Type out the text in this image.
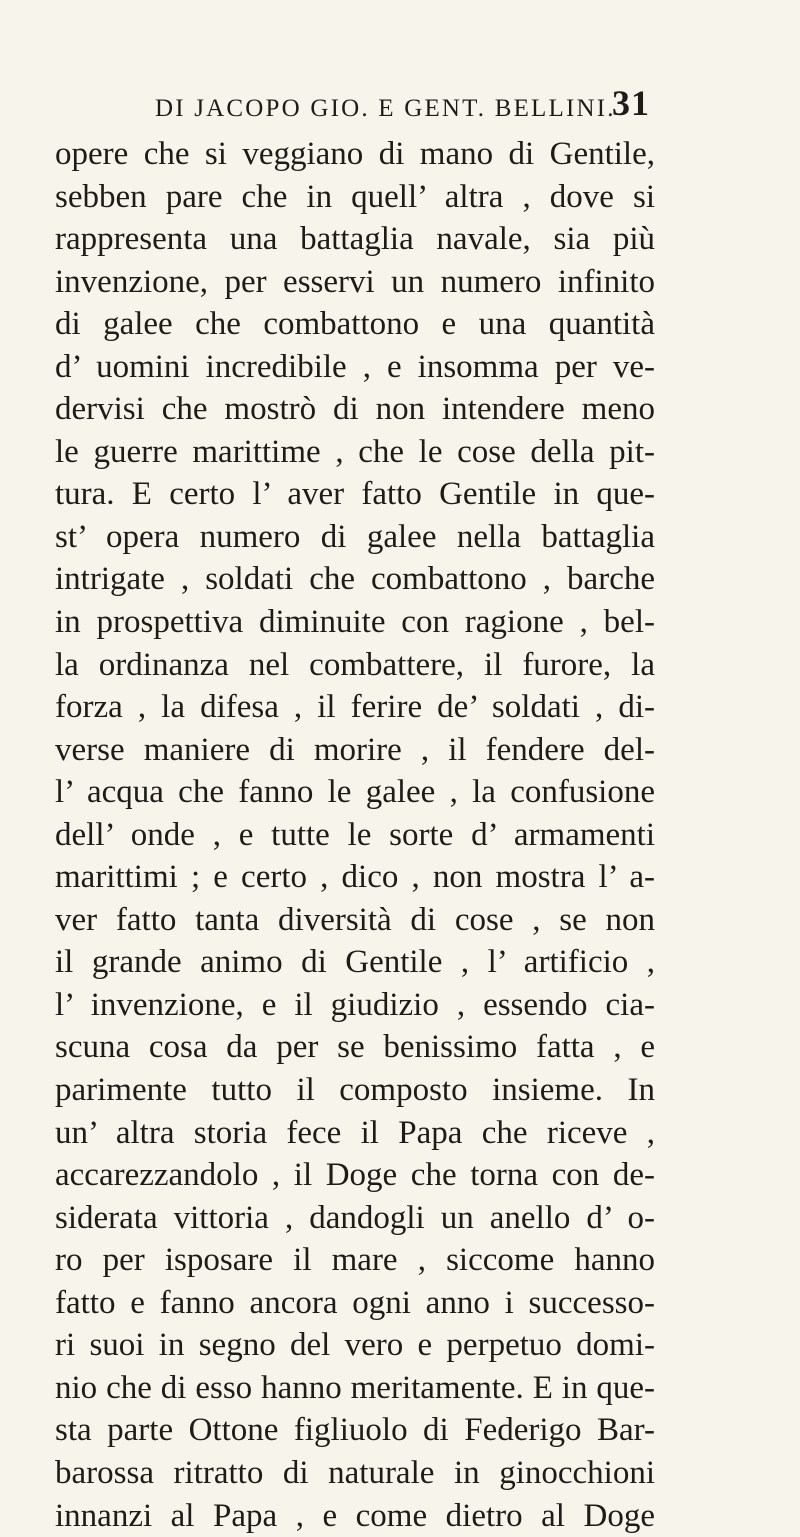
DI JACOPO GIO. E GENT. BELLINI.
31
opere che si veggiano di mano di Gentile,
sebben pare che in quell’ altra , dove si
rappresenta una battaglia navale, sia più
invenzione, per esservi un numero infinito
di galee che combattono e una quantità
d’ uomini incredibile , e insomma per ve-
dervisi che mostrò di non intendere meno
le guerre marittime , che le cose della pit-
tura. E certo l’ aver fatto Gentile in que-
st’ opera numero di galee nella battaglia
intrigate , soldati che combattono , barche
in prospettiva diminuite con ragione , bel-
la ordinanza nel combattere, il furore, la
forza , la difesa , il ferire de’ soldati , di-
verse maniere di morire , il fendere del-
l’ acqua che fanno le galee , la confusione
dell’ onde , e tutte le sorte d’ armamenti
marittimi ; e certo , dico , non mostra l’ a-
ver fatto tanta diversità di cose , se non
il grande animo di Gentile , l’ artificio ,
l’ invenzione, e il giudizio , essendo cia-
scuna cosa da per se benissimo fatta , e
parimente tutto il composto insieme. In
un’ altra storia fece il Papa che riceve ,
accarezzandolo , il Doge che torna con de-
siderata vittoria , dandogli un anello d’ o-
ro per isposare il mare , siccome hanno
fatto e fanno ancora ogni anno i successo-
ri suoi in segno del vero e perpetuo domi-
nio che di esso hanno meritamente. E in que-
sta parte Ottone figliuolo di Federigo Bar-
barossa ritratto di naturale in ginocchioni
innanzi al Papa , e come dietro al Doge
